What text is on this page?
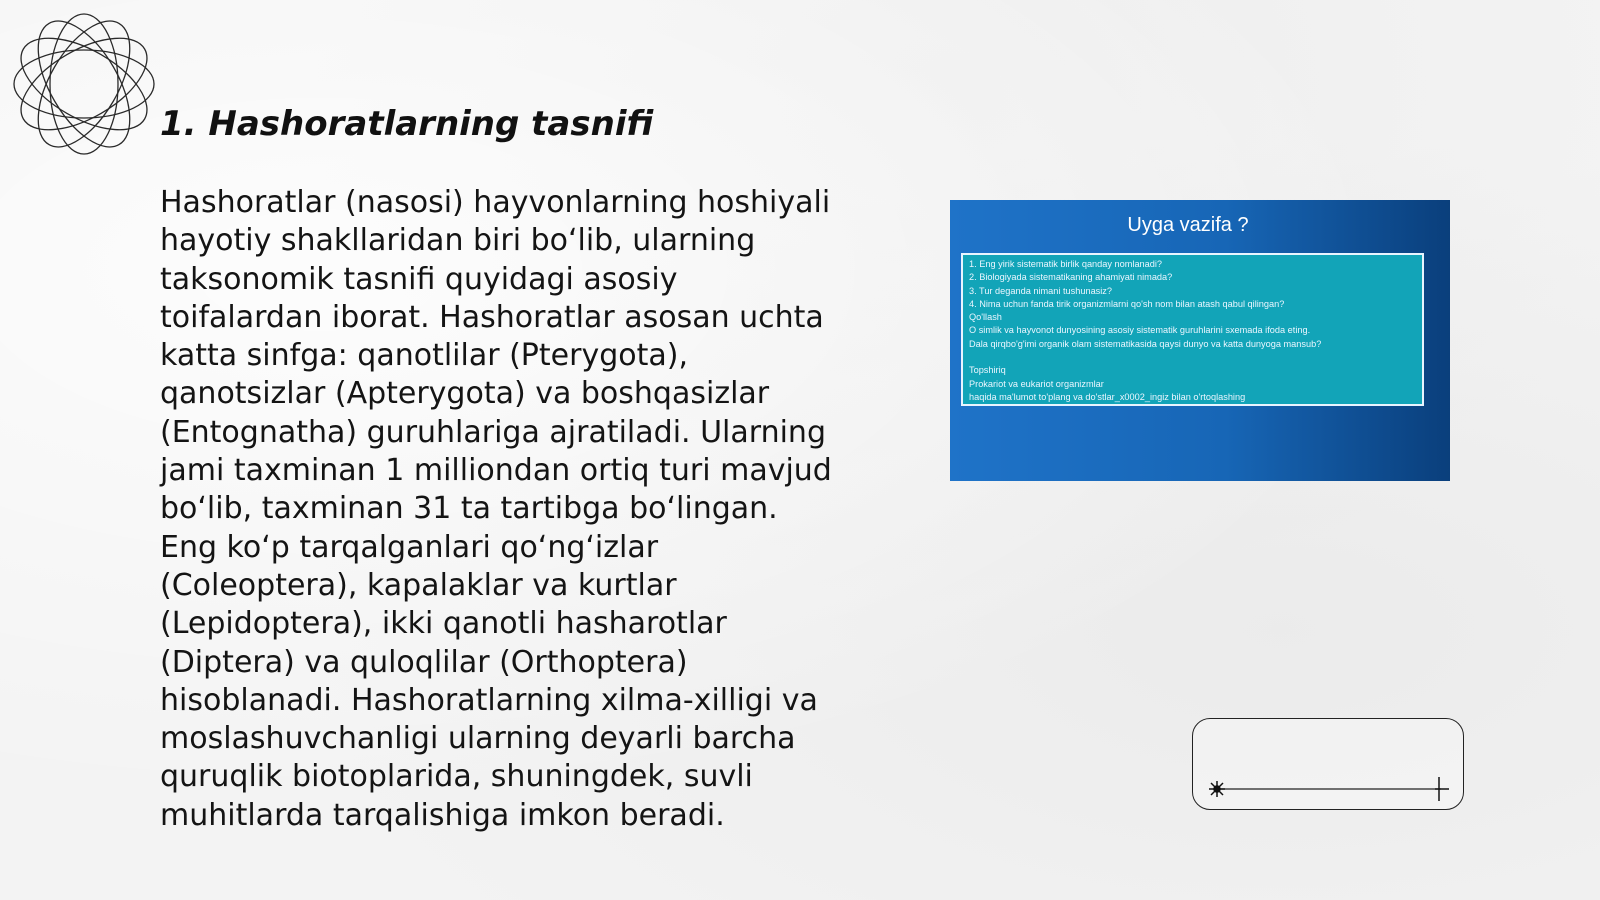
1. Hashoratlarning tasnifi

Hashoratlar (nasosi) hayvonlarning hoshiyali hayotiy shakllaridan biri bo‘lib, ularning taksonomik tasnifi quyidagi asosiy toifalardan iborat. Hashoratlar asosan uchta katta sinfga: qanotlilar (Pterygota), qanotsizlar (Apterygota) va boshqasizlar (Entognatha) guruhlariga ajratiladi. Ularning jami taxminan 1 milliondan ortiq turi mavjud bo‘lib, taxminan 31 ta tartibga bo‘lingan. Eng ko‘p tarqalganlari qo‘ng‘izlar (Coleoptera), kapalaklar va kurtlar (Lepidoptera), ikki qanotli hasharotlar (Diptera) va quloqlilar (Orthoptera) hisoblanadi. Hashoratlarning xilma-xilligi va moslashuvchanligi ularning deyarli barcha quruqlik biotoplarida, shuningdek, suvli muhitlarda tarqalishiga imkon beradi.

Uyga vazifa ?

1. Eng yirik sistematik birlik qanday nomlanadi?

2. Biologiyada sistematikaning ahamiyati nimada?

3. Tur deganda nimani tushunasiz?

4. Nima uchun fanda tirik organizmlarni qo'sh nom bilan atash qabul qilingan?

Qo'llash

O simlik va hayvonot dunyosining asosiy sistematik guruhlarini sxemada ifoda eting.

Dala qirqbo'g'imi organik olam sistematikasida qaysi dunyo va katta dunyoga mansub?

Topshiriq

Prokariot va eukariot organizmlar

haqida ma'lumot to'plang va do'stlar_x0002_ingiz bilan o'rtoqlashing
